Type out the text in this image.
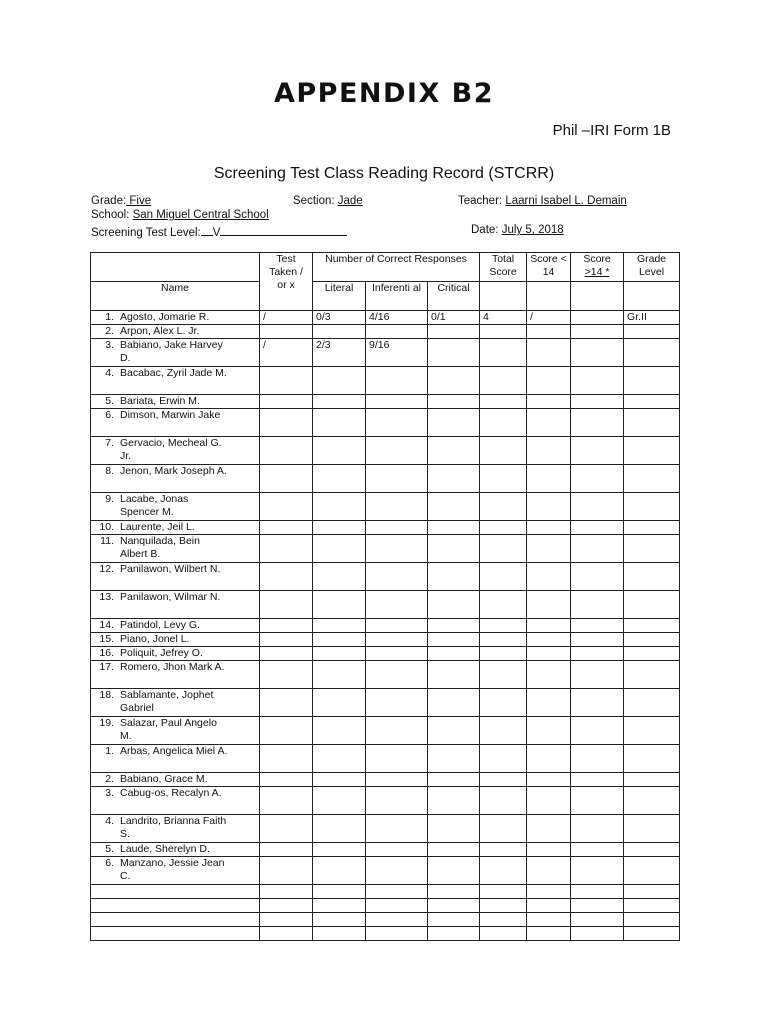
APPENDIX B2
Phil –IRI Form 1B
Screening Test Class Reading Record (STCRR)
Grade: Five	Section: Jade	Teacher: Laarni Isabel L. Demain
School: San Miguel Central School
Screening Test Level: V	Date: July 5, 2018
	Test Taken / or x	Number of Correct Responses			Total Score	Score < 14	Score >14 *	Grade Level
Name		Literal	Inferenti al	Critical				
1. Agosto, Jomarie R.	/	0/3	4/16	0/1	4	/		Gr.II
2. Arpon, Alex L. Jr.								
3. Babiano, Jake Harvey D.	/	2/3	9/16					
4. Bacabac, Zyril Jade M.								
5. Bariata, Erwin M.								
6. Dimson, Marwin Jake								
7. Gervacio, Mecheal G. Jr.								
8. Jenon, Mark Joseph A.								
9. Lacabe, Jonas Spencer M.								
10. Laurente, Jeil L.								
11. Nanquilada, Bein Albert B.								
12. Panilawon, Wilbert N.								
13. Panilawon, Wilmar N.								
14. Patindol, Levy G.								
15. Piano, Jonel L.								
16. Poliquit, Jefrey O.								
17. Romero, Jhon Mark A.								
18. Sablamante, Jophet Gabriel								
19. Salazar, Paul Angelo M.								
1. Arbas, Angelica Miel A.								
2. Babiano, Grace M.								
3. Cabug-os, Recalyn A.								
4. Landrito, Brianna Faith S.								
5. Laude, Sherelyn D.								
6. Manzano, Jessie Jean C.								
